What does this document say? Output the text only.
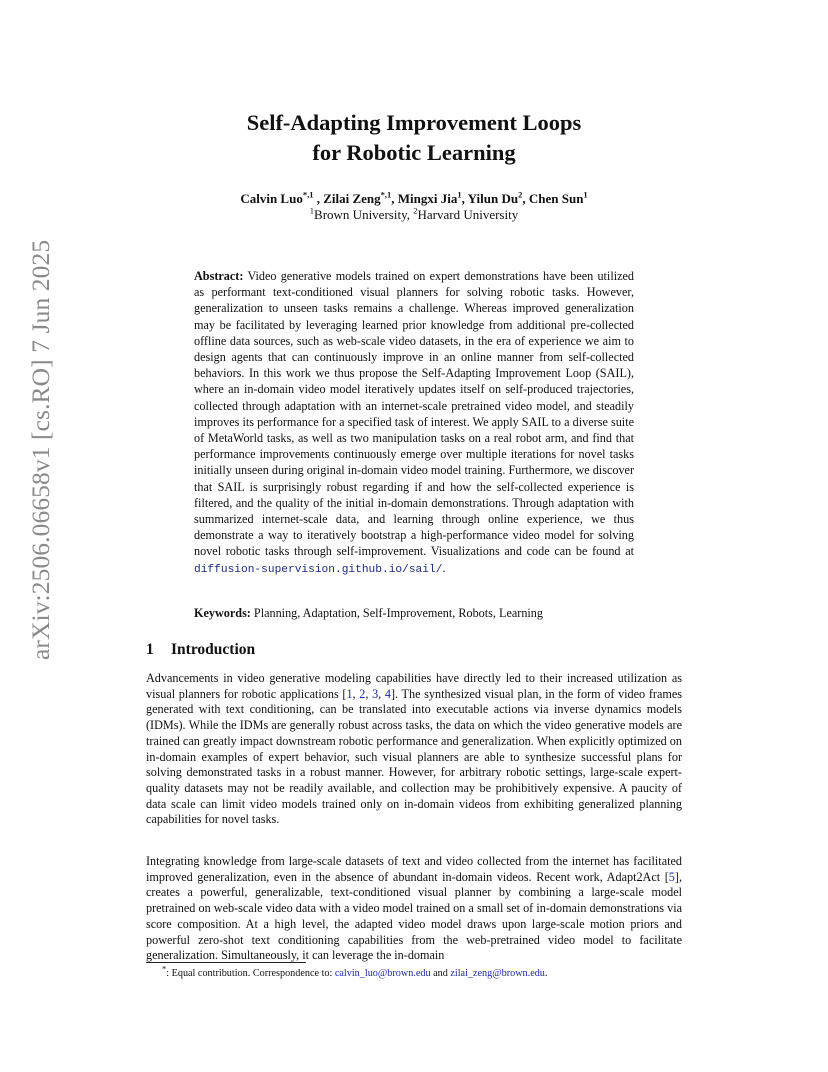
arXiv:2506.06658v1 [cs.RO] 7 Jun 2025
Self-Adapting Improvement Loops
for Robotic Learning
Calvin Luo$^{*,1}$ , Zilai Zeng$^{*,1}$, Mingxi Jia$^1$, Yilun Du$^2$, Chen Sun$^1$
$^1$Brown University, $^2$Harvard University

Abstract: Video generative models trained on expert demonstrations have been utilized as performant text-conditioned visual planners for solving robotic tasks. However, generalization to unseen tasks remains a challenge. Whereas improved generalization may be facilitated by leveraging learned prior knowledge from additional pre-collected offline data sources, such as web-scale video datasets, in the era of experience we aim to design agents that can continuously improve in an online manner from self-collected behaviors. In this work we thus propose the Self-Adapting Improvement Loop (SAIL), where an in-domain video model iteratively updates itself on self-produced trajectories, collected through adaptation with an internet-scale pretrained video model, and steadily improves its performance for a specified task of interest. We apply SAIL to a diverse suite of MetaWorld tasks, as well as two manipulation tasks on a real robot arm, and find that performance improvements continuously emerge over multiple iterations for novel tasks initially unseen during original in-domain video model training. Furthermore, we discover that SAIL is surprisingly robust regarding if and how the self-collected experience is filtered, and the quality of the initial in-domain demonstrations. Through adaptation with summarized internet-scale data, and learning through online experience, we thus demonstrate a way to iteratively bootstrap a high-performance video model for solving novel robotic tasks through self-improvement. Visualizations and code can be found at diffusion-supervision.github.io/sail/.

Keywords: Planning, Adaptation, Self-Improvement, Robots, Learning

1 Introduction

Advancements in video generative modeling capabilities have directly led to their increased utilization as visual planners for robotic applications [1, 2, 3, 4]. The synthesized visual plan, in the form of video frames generated with text conditioning, can be translated into executable actions via inverse dynamics models (IDMs). While the IDMs are generally robust across tasks, the data on which the video generative models are trained can greatly impact downstream robotic performance and generalization. When explicitly optimized on in-domain examples of expert behavior, such visual planners are able to synthesize successful plans for solving demonstrated tasks in a robust manner. However, for arbitrary robotic settings, large-scale expert-quality datasets may not be readily available, and collection may be prohibitively expensive. A paucity of data scale can limit video models trained only on in-domain videos from exhibiting generalized planning capabilities for novel tasks.

Integrating knowledge from large-scale datasets of text and video collected from the internet has facilitated improved generalization, even in the absence of abundant in-domain videos. Recent work, Adapt2Act [5], creates a powerful, generalizable, text-conditioned visual planner by combining a large-scale model pretrained on web-scale video data with a video model trained on a small set of in-domain demonstrations via score composition. At a high level, the adapted video model draws upon large-scale motion priors and powerful zero-shot text conditioning capabilities from the web-pretrained video model to facilitate generalization. Simultaneously, it can leverage the in-domain

*: Equal contribution. Correspondence to: calvin_luo@brown.edu and zilai_zeng@brown.edu.
